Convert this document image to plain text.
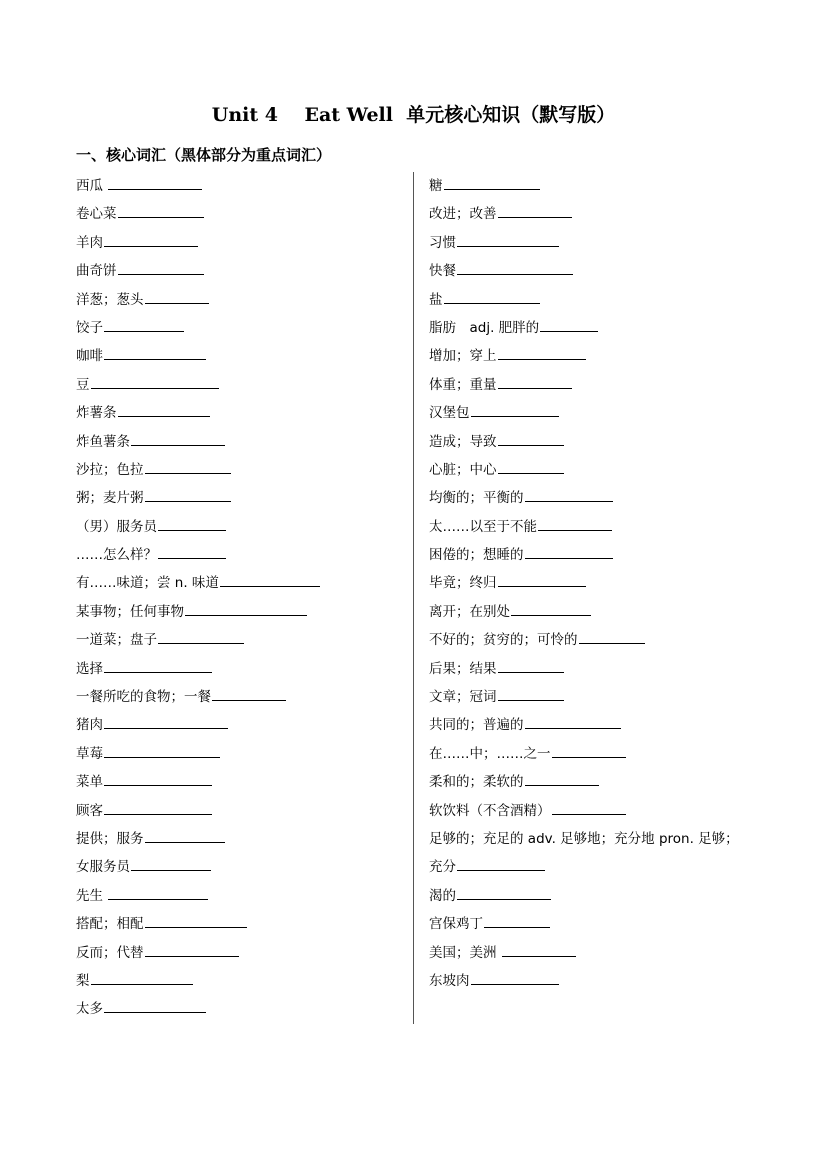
Unit 4    Eat Well  单元核心知识（默写版）
一、核心词汇（黑体部分为重点词汇）
西瓜
卷心菜
羊肉
曲奇饼
洋葱；葱头
饺子
咖啡
豆
炸薯条
炸鱼薯条
沙拉；色拉
粥；麦片粥
（男）服务员
……怎么样？
有……味道；尝 n. 味道
某事物；任何事物
一道菜；盘子
选择
一餐所吃的食物；一餐
猪肉
草莓
菜单
顾客
提供；服务
女服务员
先生
搭配；相配
反而；代替
梨
太多
糖
改进；改善
习惯
快餐
盐
脂肪　adj. 肥胖的
增加；穿上
体重；重量
汉堡包
造成；导致
心脏；中心
均衡的；平衡的
太……以至于不能
困倦的；想睡的
毕竟；终归
离开；在别处
不好的；贫穷的；可怜的
后果；结果
文章；冠词
共同的；普遍的
在……中；……之一
柔和的；柔软的
软饮料（不含酒精）
足够的；充足的 adv. 足够地；充分地 pron. 足够；
充分
渴的
宫保鸡丁
美国；美洲
东坡肉
